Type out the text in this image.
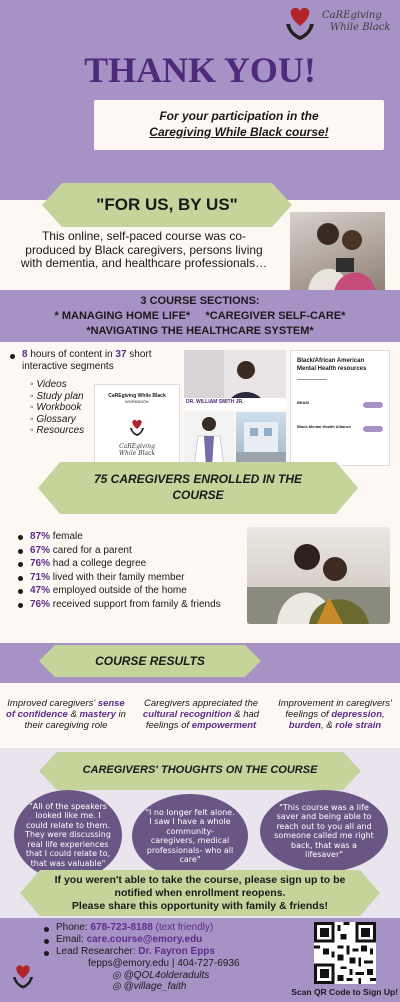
CaREgiving
While Black
THANK YOU!
For your participation in the
Caregiving While Black course!
"FOR US, BY US"
This online, self-paced course was co-produced by Black caregivers, persons living with dementia, and healthcare professionals…
3 COURSE SECTIONS:
* MANAGING HOME LIFE*     *CAREGIVER SELF-CARE*
*NAVIGATING THE HEALTHCARE SYSTEM*
8 hours of content in 37 short interactive segments
◦ Videos
◦ Study plan
◦ Workbook
◦ Glossary
◦ Resources
CaREgiving While Black
WORKBOOK
CaREgiving
While Black
DR. WILLIAM SMITH JR.
Black/African American Mental Health resources
BEAM
Black Mental Health Alliance
75 CAREGIVERS ENROLLED IN THE
COURSE
87% female
67% cared for a parent
76% had a college degree
71% lived with their family member
47% employed outside of the home
76% received support from family & friends
COURSE RESULTS
Improved caregivers' sense of confidence & mastery in their caregiving role
Caregivers appreciated the cultural recognition & had feelings of empowerment
Improvement in caregivers' feelings of depression, burden, & role strain
CAREGIVERS' THOUGHTS ON THE COURSE
"All of the speakers looked like me. I could relate to them. They were discussing real life experiences that I could relate to, that was valuable"
"I no longer felt alone. I saw I have a whole community-caregivers, medical professionals- who all care"
"This course was a life saver and being able to reach out to you all and someone called me right back, that was a lifesaver"
If you weren't able to take the course, please sign up to be
notified when enrollment reopens.
Please share this opportunity with family & friends!
Phone: 678-723-8188 (text friendly)
Email: care.course@emory.edu
Lead Researcher: Dr. Fayron Epps
fepps@emory.edu | 404-727-6936
◎ @QOL4olderadults
◎ @village_faith	Scan QR Code to Sign Up!
